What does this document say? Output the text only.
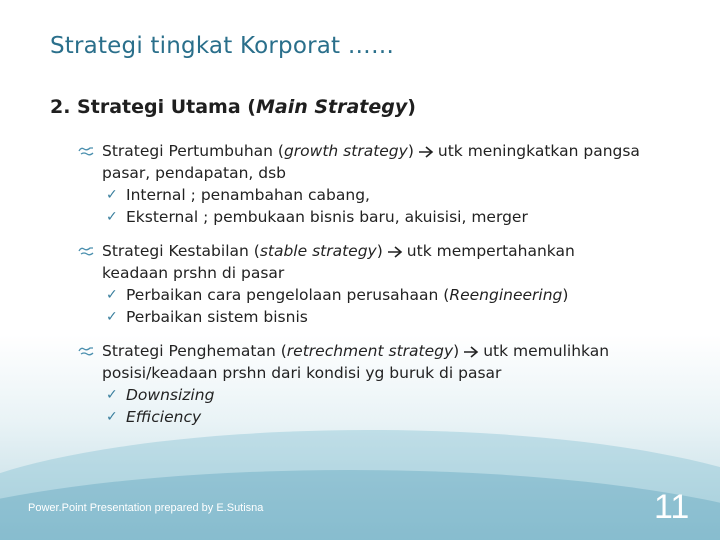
Strategi tingkat Korporat ……
2. Strategi Utama (Main Strategy)
Strategi Pertumbuhan (growth strategy) utk meningkatkan pangsa
pasar, pendapatan, dsb
✓ Internal ; penambahan cabang,
✓ Eksternal ; pembukaan bisnis baru, akuisisi, merger
Strategi Kestabilan (stable strategy) utk mempertahankan
keadaan prshn di pasar
✓ Perbaikan cara pengelolaan perusahaan (Reengineering)
✓ Perbaikan sistem bisnis
Strategi Penghematan (retrechment strategy) utk memulihkan
posisi/keadaan prshn dari kondisi yg buruk di pasar
✓ Downsizing
✓ Efficiency
Power.Point Presentation prepared by E.Sutisna	11
